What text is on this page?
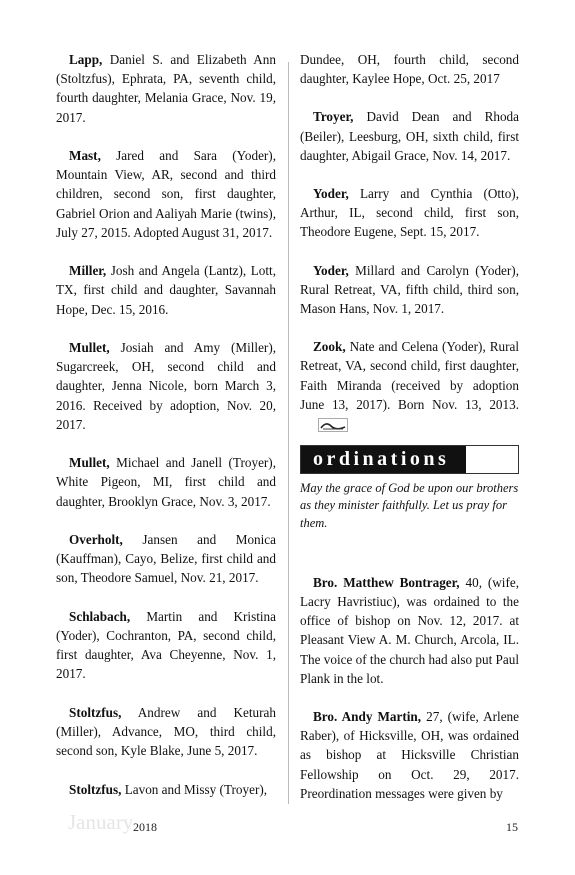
Lapp, Daniel S. and Elizabeth Ann (Stoltzfus), Ephrata, PA, seventh child, fourth daughter, Melania Grace, Nov. 19, 2017.

Mast, Jared and Sara (Yoder), Mountain View, AR, second and third children, second son, first daughter, Gabriel Orion and Aaliyah Marie (twins), July 27, 2015. Adopted August 31, 2017.

Miller, Josh and Angela (Lantz), Lott, TX, first child and daughter, Savannah Hope, Dec. 15, 2016.

Mullet, Josiah and Amy (Miller), Sugarcreek, OH, second child and daughter, Jenna Nicole, born March 3, 2016. Received by adoption, Nov. 20, 2017.

Mullet, Michael and Janell (Troyer), White Pigeon, MI, first child and daughter, Brooklyn Grace, Nov. 3, 2017.

Overholt, Jansen and Monica (Kauffman), Cayo, Belize, first child and son, Theodore Samuel, Nov. 21, 2017.

Schlabach, Martin and Kristina (Yoder), Cochranton, PA, second child, first daughter, Ava Cheyenne, Nov. 1, 2017.

Stoltzfus, Andrew and Keturah (Miller), Advance, MO, third child, second son, Kyle Blake, June 5, 2017.

Stoltzfus, Lavon and Missy (Troyer),

Dundee, OH, fourth child, second daughter, Kaylee Hope, Oct. 25, 2017

Troyer, David Dean and Rhoda (Beiler), Leesburg, OH, sixth child, first daughter, Abigail Grace, Nov. 14, 2017.

Yoder, Larry and Cynthia (Otto), Arthur, IL, second child, first son, Theodore Eugene, Sept. 15, 2017.

Yoder, Millard and Carolyn (Yoder), Rural Retreat, VA, fifth child, third son, Mason Hans, Nov. 1, 2017.

Zook, Nate and Celena (Yoder), Rural Retreat, VA, second child, first daughter, Faith Miranda (received by adoption June 13, 2017). Born Nov. 13, 2013.

ordinations

May the grace of God be upon our brothers as they minister faithfully. Let us pray for them.

Bro. Matthew Bontrager, 40, (wife, Lacry Havristiuc), was ordained to the office of bishop on Nov. 12, 2017. at Pleasant View A. M. Church, Arcola, IL. The voice of the church had also put Paul Plank in the lot.

Bro. Andy Martin, 27, (wife, Arlene Raber), of Hicksville, OH, was ordained as bishop at Hicksville Christian Fellowship on Oct. 29, 2017. Preordination messages were given by

January 2018	15
